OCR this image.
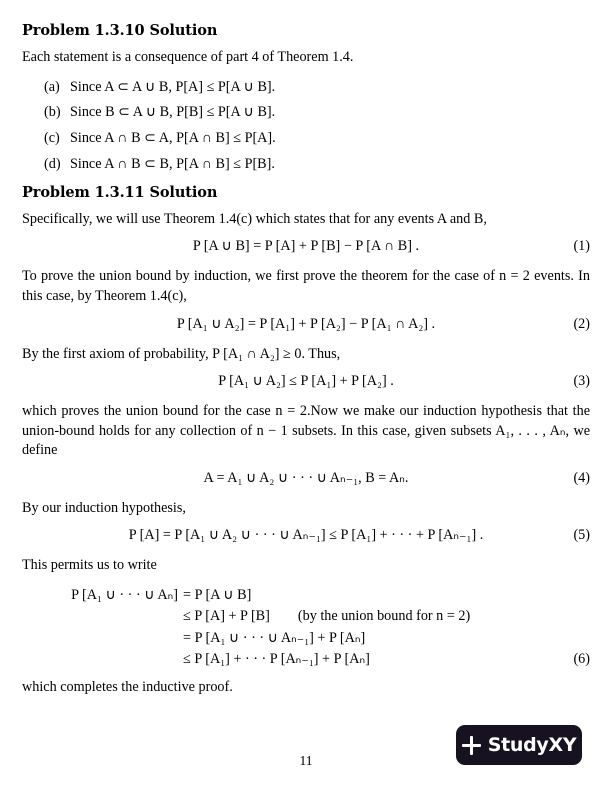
Problem 1.3.10 Solution

Each statement is a consequence of part 4 of Theorem 1.4.

(a) Since A ⊂ A ∪ B, P[A] ≤ P[A ∪ B].
(b) Since B ⊂ A ∪ B, P[B] ≤ P[A ∪ B].
(c) Since A ∩ B ⊂ A, P[A ∩ B] ≤ P[A].
(d) Since A ∩ B ⊂ B, P[A ∩ B] ≤ P[B].
Problem 1.3.11 Solution

Specifically, we will use Theorem 1.4(c) which states that for any events A and B,

P [A ∪ B] = P [A] + P [B] − P [A ∩ B] .	(1)

To prove the union bound by induction, we first prove the theorem for the case of n = 2 events. In this case, by Theorem 1.4(c),

P [A₁ ∪ A₂] = P [A₁] + P [A₂] − P [A₁ ∩ A₂] .	(2)

By the first axiom of probability, P [A₁ ∩ A₂] ≥ 0. Thus,

P [A₁ ∪ A₂] ≤ P [A₁] + P [A₂] .	(3)

which proves the union bound for the case n = 2.Now we make our induction hypothesis that the union-bound holds for any collection of n − 1 subsets. In this case, given subsets A₁, . . . , Aₙ, we define

A = A₁ ∪ A₂ ∪ · · · ∪ Aₙ₋₁, B = Aₙ.	(4)

By our induction hypothesis,

P [A] = P [A₁ ∪ A₂ ∪ · · · ∪ Aₙ₋₁] ≤ P [A₁] + · · · + P [Aₙ₋₁] .	(5)

This permits us to write

P [A₁ ∪ · · · ∪ Aₙ] = P [A ∪ B]
≤ P [A] + P [B] (by the union bound for n = 2)
= P [A₁ ∪ · · · ∪ Aₙ₋₁] + P [Aₙ]
≤ P [A₁] + · · · P [Aₙ₋₁] + P [Aₙ]	(6)

which completes the inductive proof.

11
StudyXY
